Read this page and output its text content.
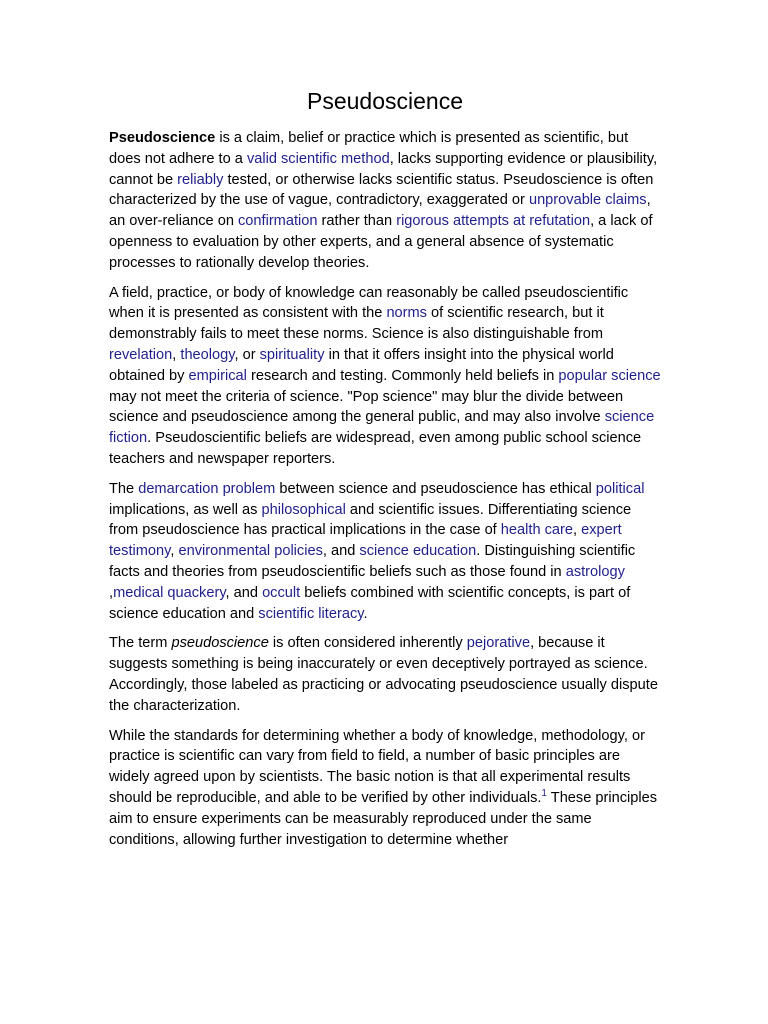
Pseudoscience

Pseudoscience is a claim, belief or practice which is presented as scientific, but does not adhere to a valid scientific method, lacks supporting evidence or plausibility, cannot be reliably tested, or otherwise lacks scientific status. Pseudoscience is often characterized by the use of vague, contradictory, exaggerated or unprovable claims, an over-reliance on confirmation rather than rigorous attempts at refutation, a lack of openness to evaluation by other experts, and a general absence of systematic processes to rationally develop theories.

A field, practice, or body of knowledge can reasonably be called pseudoscientific when it is presented as consistent with the norms of scientific research, but it demonstrably fails to meet these norms. Science is also distinguishable from revelation, theology, or spirituality in that it offers insight into the physical world obtained by empirical research and testing. Commonly held beliefs in popular science may not meet the criteria of science. "Pop science" may blur the divide between science and pseudoscience among the general public, and may also involve science fiction. Pseudoscientific beliefs are widespread, even among public school science teachers and newspaper reporters.

The demarcation problem between science and pseudoscience has ethical political implications, as well as philosophical and scientific issues. Differentiating science from pseudoscience has practical implications in the case of health care, expert testimony, environmental policies, and science education. Distinguishing scientific facts and theories from pseudoscientific beliefs such as those found in astrology ,medical quackery, and occult beliefs combined with scientific concepts, is part of science education and scientific literacy.

The term pseudoscience is often considered inherently pejorative, because it suggests something is being inaccurately or even deceptively portrayed as science. Accordingly, those labeled as practicing or advocating pseudoscience usually dispute the characterization.

While the standards for determining whether a body of knowledge, methodology, or practice is scientific can vary from field to field, a number of basic principles are widely agreed upon by scientists. The basic notion is that all experimental results should be reproducible, and able to be verified by other individuals.$^1$ These principles aim to ensure experiments can be measurably reproduced under the same conditions, allowing further investigation to determine whether
